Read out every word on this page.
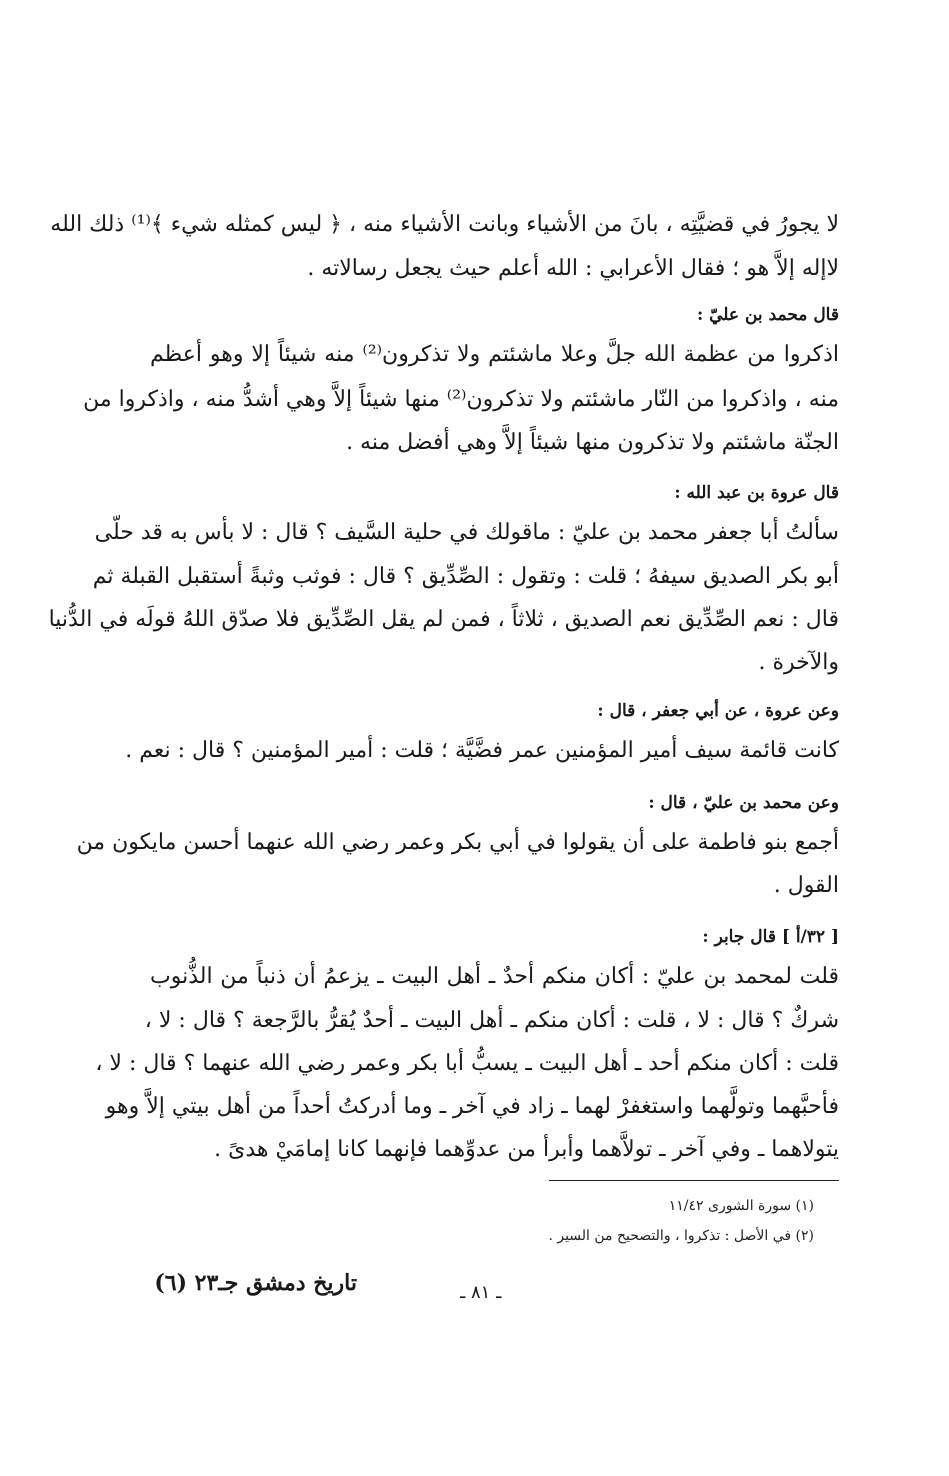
لا يجورُ في قضيَّتِه ، بانَ من الأشياء وبانت الأشياء منه ، ﴿ ليس كمثله شيء ﴾⁽¹⁾ ذلك الله
لاإله إلاَّ هو ؛ فقال الأعرابي : الله أعلم حيث يجعل رسالاته .
قال محمد بن عليّ :
اذكروا من عظمة الله جلَّ وعلا ماشئتم ولا تذكرون⁽²⁾ منه شيئاً إلا وهو أعظم
منه ، واذكروا من النّار ماشئتم ولا تذكرون⁽²⁾ منها شيئاً إلاَّ وهي أشدُّ منه ، واذكروا من
الجنّة ماشئتم ولا تذكرون منها شيئاً إلاَّ وهي أفضل منه .
قال عروة بن عبد الله :
سألتُ أبا جعفر محمد بن عليّ : ماقولك في حلية السَّيف ؟ قال : لا بأس به قد حلّى
أبو بكر الصديق سيفهُ ؛ قلت : وتقول : الصِّدِّيق ؟ قال : فوثب وثبةً أستقبل القبلة ثم
قال : نعم الصِّدِّيق نعم الصديق ، ثلاثاً ، فمن لم يقل الصِّدِّيق فلا صدّق اللهُ قولَه في الدُّنيا
والآخرة .
وعن عروة ، عن أبي جعفر ، قال :
كانت قائمة سيف أمير المؤمنين عمر فضَّيَّة ؛ قلت : أمير المؤمنين ؟ قال : نعم .
وعن محمد بن عليّ ، قال :
أجمع بنو فاطمة على أن يقولوا في أبي بكر وعمر رضي الله عنهما أحسن مايكون من
القول .
[ ٣٢/أ ] قال جابر :
قلت لمحمد بن عليّ : أكان منكم أحدٌ ـ أهل البيت ـ يزعمُ أن ذنباً من الذُّنوب
شركٌ ؟ قال : لا ، قلت : أكان منكم ـ أهل البيت ـ أحدٌ يُقرُّ بالرَّجعة ؟ قال : لا ،
قلت : أكان منكم أحد ـ أهل البيت ـ يسبُّ أبا بكر وعمر رضي الله عنهما ؟ قال : لا ،
فأحبَّهما وتولَّهما واستغفرْ لهما ـ زاد في آخر ـ وما أدركتُ أحداً من أهل بيتي إلاَّ وهو
يتولاهما ـ وفي آخر ـ تولاَّهما وأبرأ من عدوِّهما فإنهما كانا إمامَيْ هدىً .
(١) سورة الشورى ١١/٤٢
(٢) في الأصل : تذكروا ، والتصحيح من السير .
تاريخ دمشق جـ٢٣ (٦)	ـ ٨١ ـ
